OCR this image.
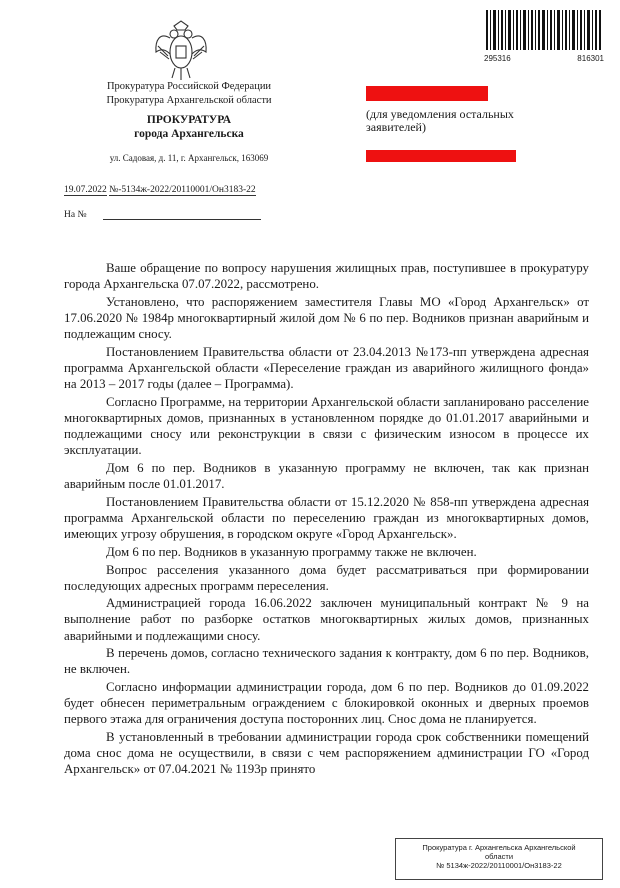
Прокуратура Российской Федерации
Прокуратура Архангельской области
ПРОКУРАТУРА
города Архангельска
ул. Садовая, д. 11, г. Архангельск, 163069
295316	816301
(для уведомления остальных заявителей)
19.07.2022 №-5134ж-2022/20110001/Он3183-22
На №

Ваше обращение по вопросу нарушения жилищных прав, поступившее в прокуратуру города Архангельска 07.07.2022, рассмотрено.

Установлено, что распоряжением заместителя Главы МО «Город Архангельск» от 17.06.2020 № 1984р многоквартирный жилой дом № 6 по пер. Водников признан аварийным и подлежащим сносу.

Постановлением Правительства области от 23.04.2013 №173-пп утверждена адресная программа Архангельской области «Переселение граждан из аварийного жилищного фонда» на 2013 – 2017 годы (далее – Программа).

Согласно Программе, на территории Архангельской области запланировано расселение многоквартирных домов, признанных в установленном порядке до 01.01.2017 аварийными и подлежащими сносу или реконструкции в связи с физическим износом в процессе их эксплуатации.

Дом 6 по пер. Водников в указанную программу не включен, так как признан аварийным после 01.01.2017.

Постановлением Правительства области от 15.12.2020 № 858-пп утверждена адресная программа Архангельской области по переселению граждан из многоквартирных домов, имеющих угрозу обрушения, в городском округе «Город Архангельск».

Дом 6 по пер. Водников в указанную программу также не включен.

Вопрос расселения указанного дома будет рассматриваться при формировании последующих адресных программ переселения.

Администрацией города 16.06.2022 заключен муниципальный контракт № 9 на выполнение работ по разборке остатков многоквартирных жилых домов, признанных аварийными и подлежащими сносу.

В перечень домов, согласно технического задания к контракту, дом 6 по пер. Водников, не включен.

Согласно информации администрации города, дом 6 по пер. Водников до 01.09.2022 будет обнесен периметральным ограждением с блокировкой оконных и дверных проемов первого этажа для ограничения доступа посторонних лиц. Снос дома не планируется.

В установленный в требовании администрации города срок собственники помещений дома снос дома не осуществили, в связи с чем распоряжением администрации ГО «Город Архангельск» от 07.04.2021 № 1193р принято

Прокуратура г. Архангельска Архангельской
области
№ 5134ж-2022/20110001/Он3183-22
